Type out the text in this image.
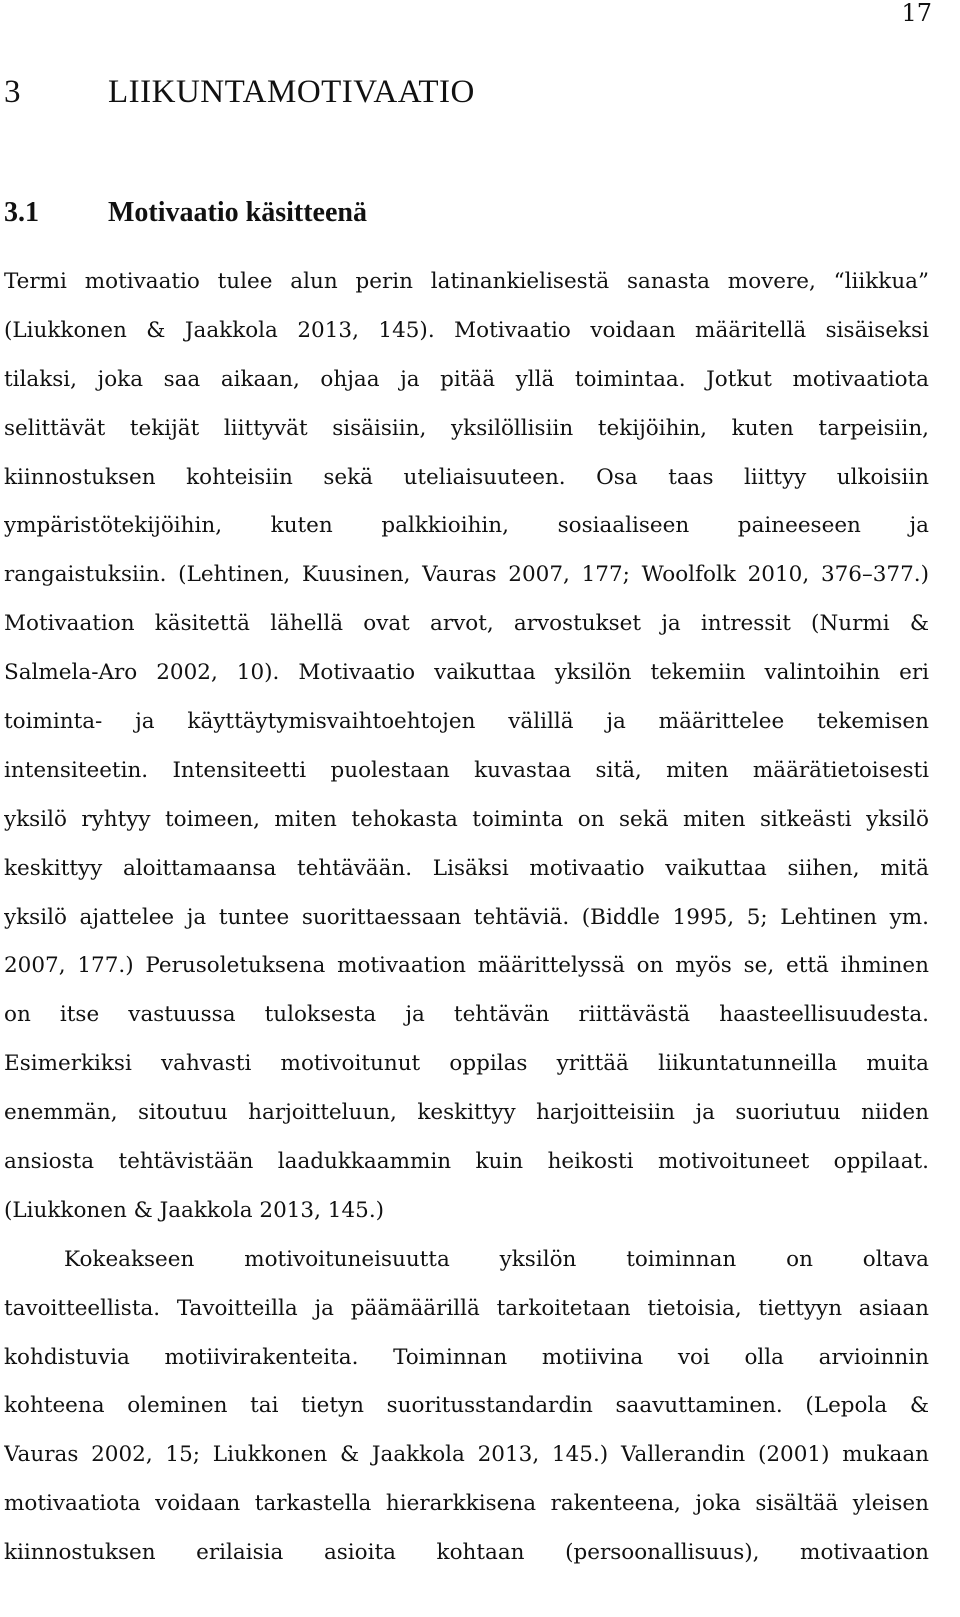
17
3	LIIKUNTAMOTIVAATIO
3.1 Motivaatio käsitteenä

Termi motivaatio tulee alun perin latinankielisestä sanasta movere, “liikkua”
(Liukkonen & Jaakkola 2013, 145). Motivaatio voidaan määritellä sisäiseksi
tilaksi, joka saa aikaan, ohjaa ja pitää yllä toimintaa. Jotkut motivaatiota
selittävät tekijät liittyvät sisäisiin, yksilöllisiin tekijöihin, kuten tarpeisiin,
kiinnostuksen kohteisiin sekä uteliaisuuteen. Osa taas liittyy ulkoisiin
ympäristötekijöihin, kuten palkkioihin, sosiaaliseen paineeseen ja
rangaistuksiin. (Lehtinen, Kuusinen, Vauras 2007, 177; Woolfolk 2010, 376–377.)
Motivaation käsitettä lähellä ovat arvot, arvostukset ja intressit (Nurmi &
Salmela-Aro 2002, 10). Motivaatio vaikuttaa yksilön tekemiin valintoihin eri
toiminta- ja käyttäytymisvaihtoehtojen välillä ja määrittelee tekemisen
intensiteetin. Intensiteetti puolestaan kuvastaa sitä, miten määrätietoisesti
yksilö ryhtyy toimeen, miten tehokasta toiminta on sekä miten sitkeästi yksilö
keskittyy aloittamaansa tehtävään. Lisäksi motivaatio vaikuttaa siihen, mitä
yksilö ajattelee ja tuntee suorittaessaan tehtäviä. (Biddle 1995, 5; Lehtinen ym.
2007, 177.) Perusoletuksena motivaation määrittelyssä on myös se, että ihminen
on itse vastuussa tuloksesta ja tehtävän riittävästä haasteellisuudesta.
Esimerkiksi vahvasti motivoitunut oppilas yrittää liikuntatunneilla muita
enemmän, sitoutuu harjoitteluun, keskittyy harjoitteisiin ja suoriutuu niiden
ansiosta tehtävistään laadukkaammin kuin heikosti motivoituneet oppilaat.
(Liukkonen & Jaakkola 2013, 145.)

Kokeakseen motivoituneisuutta yksilön toiminnan on oltava
tavoitteellista. Tavoitteilla ja päämäärillä tarkoitetaan tietoisia, tiettyyn asiaan
kohdistuvia motiivirakenteita. Toiminnan motiivina voi olla arvioinnin
kohteena oleminen tai tietyn suoritusstandardin saavuttaminen. (Lepola &
Vauras 2002, 15; Liukkonen & Jaakkola 2013, 145.) Vallerandin (2001) mukaan
motivaatiota voidaan tarkastella hierarkkisena rakenteena, joka sisältää yleisen
kiinnostuksen erilaisia asioita kohtaan (persoonallisuus), motivaation
